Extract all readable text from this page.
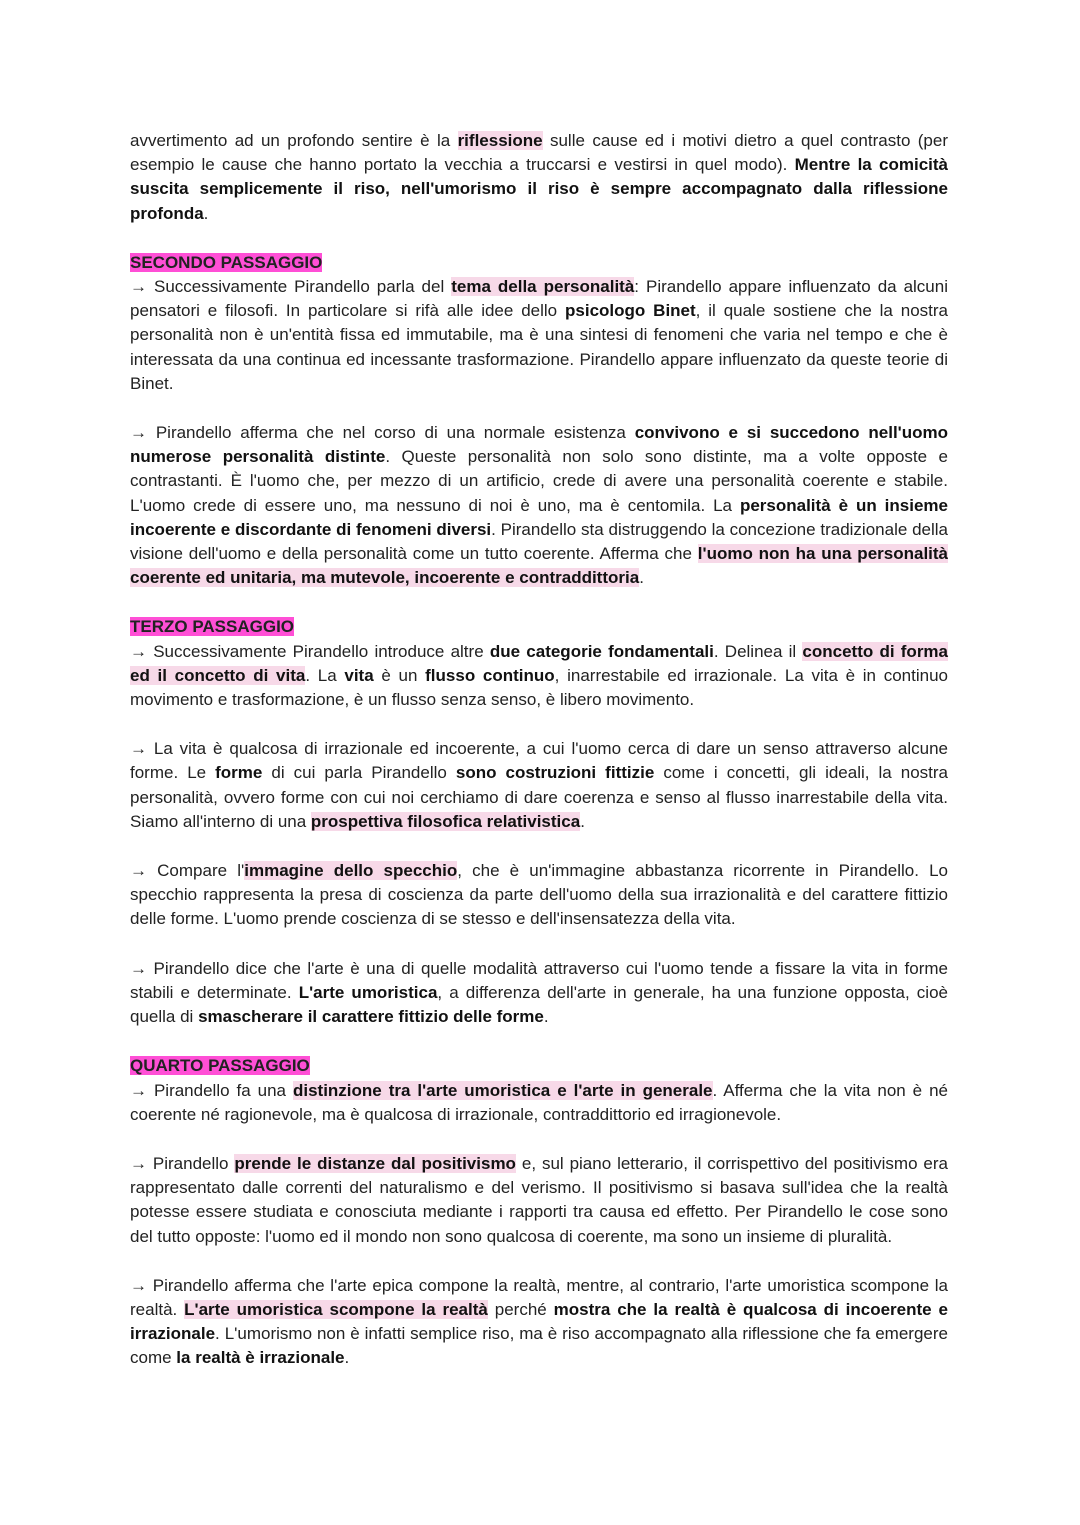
avvertimento ad un profondo sentire è la riflessione sulle cause ed i motivi dietro a quel contrasto (per esempio le cause che hanno portato la vecchia a truccarsi e vestirsi in quel modo). Mentre la comicità suscita semplicemente il riso, nell'umorismo il riso è sempre accompagnato dalla riflessione profonda.

SECONDO PASSAGGIO

→ Successivamente Pirandello parla del tema della personalità: Pirandello appare influenzato da alcuni pensatori e filosofi. In particolare si rifà alle idee dello psicologo Binet, il quale sostiene che la nostra personalità non è un'entità fissa ed immutabile, ma è una sintesi di fenomeni che varia nel tempo e che è interessata da una continua ed incessante trasformazione. Pirandello appare influenzato da queste teorie di Binet.

→ Pirandello afferma che nel corso di una normale esistenza convivono e si succedono nell'uomo numerose personalità distinte. Queste personalità non solo sono distinte, ma a volte opposte e contrastanti. È l'uomo che, per mezzo di un artificio, crede di avere una personalità coerente e stabile. L'uomo crede di essere uno, ma nessuno di noi è uno, ma è centomila. La personalità è un insieme incoerente e discordante di fenomeni diversi. Pirandello sta distruggendo la concezione tradizionale della visione dell'uomo e della personalità come un tutto coerente. Afferma che l'uomo non ha una personalità coerente ed unitaria, ma mutevole, incoerente e contraddittoria.

TERZO PASSAGGIO

→ Successivamente Pirandello introduce altre due categorie fondamentali. Delinea il concetto di forma ed il concetto di vita. La vita è un flusso continuo, inarrestabile ed irrazionale. La vita è in continuo movimento e trasformazione, è un flusso senza senso, è libero movimento.

→ La vita è qualcosa di irrazionale ed incoerente, a cui l'uomo cerca di dare un senso attraverso alcune forme. Le forme di cui parla Pirandello sono costruzioni fittizie come i concetti, gli ideali, la nostra personalità, ovvero forme con cui noi cerchiamo di dare coerenza e senso al flusso inarrestabile della vita. Siamo all'interno di una prospettiva filosofica relativistica.

→ Compare l'immagine dello specchio, che è un'immagine abbastanza ricorrente in Pirandello. Lo specchio rappresenta la presa di coscienza da parte dell'uomo della sua irrazionalità e del carattere fittizio delle forme. L'uomo prende coscienza di se stesso e dell'insensatezza della vita.

→ Pirandello dice che l'arte è una di quelle modalità attraverso cui l'uomo tende a fissare la vita in forme stabili e determinate. L'arte umoristica, a differenza dell'arte in generale, ha una funzione opposta, cioè quella di smascherare il carattere fittizio delle forme.

QUARTO PASSAGGIO

→ Pirandello fa una distinzione tra l'arte umoristica e l'arte in generale. Afferma che la vita non è né coerente né ragionevole, ma è qualcosa di irrazionale, contraddittorio ed irragionevole.

→ Pirandello prende le distanze dal positivismo e, sul piano letterario, il corrispettivo del positivismo era rappresentato dalle correnti del naturalismo e del verismo. Il positivismo si basava sull'idea che la realtà potesse essere studiata e conosciuta mediante i rapporti tra causa ed effetto. Per Pirandello le cose sono del tutto opposte: l'uomo ed il mondo non sono qualcosa di coerente, ma sono un insieme di pluralità.

→ Pirandello afferma che l'arte epica compone la realtà, mentre, al contrario, l'arte umoristica scompone la realtà. L'arte umoristica scompone la realtà perché mostra che la realtà è qualcosa di incoerente e irrazionale. L'umorismo non è infatti semplice riso, ma è riso accompagnato alla riflessione che fa emergere come la realtà è irrazionale.
